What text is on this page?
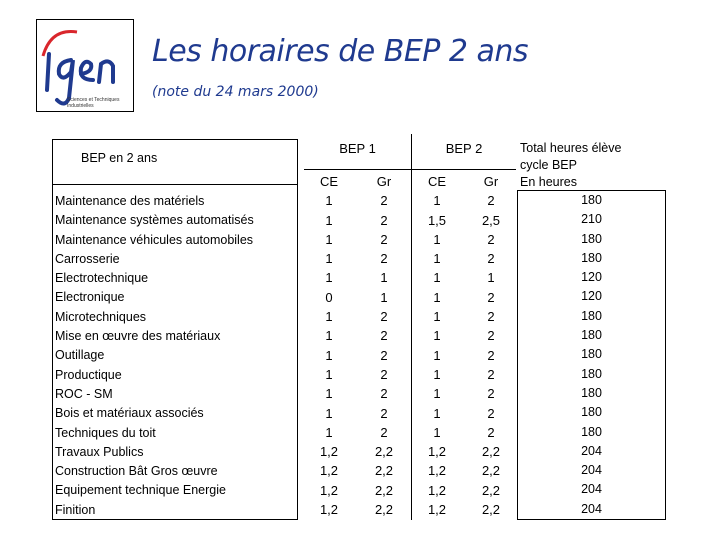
Sciences et Techniques Industrielles
Les horaires de BEP 2 ans
(note du 24 mars 2000)
BEP en 2 ans
Maintenance des matériels
Maintenance systèmes automatisés
Maintenance véhicules automobiles
Carrosserie
Electrotechnique
Electronique
Microtechniques
Mise en œuvre des matériaux
Outillage
Productique
ROC - SM
Bois et matériaux associés
Techniques du toit
Travaux Publics
Construction Bât Gros œuvre
Equipement technique Energie
Finition
BEP 1	BEP 2	Total heures élève
cycle BEP
En heures
CE
1
1
1
1
1
0
1
1
1
1
1
1
1
1,2
1,2
1,2
1,2
Gr
2
2
2
2
1
1
2
2
2
2
2
2
2
2,2
2,2
2,2
2,2
CE
1
1,5
1
1
1
1
1
1
1
1
1
1
1
1,2
1,2
1,2
1,2
Gr
2
2,5
2
2
1
2
2
2
2
2
2
2
2
2,2
2,2
2,2
2,2
180
210
180
180
120
120
180
180
180
180
180
180
180
204
204
204
204
